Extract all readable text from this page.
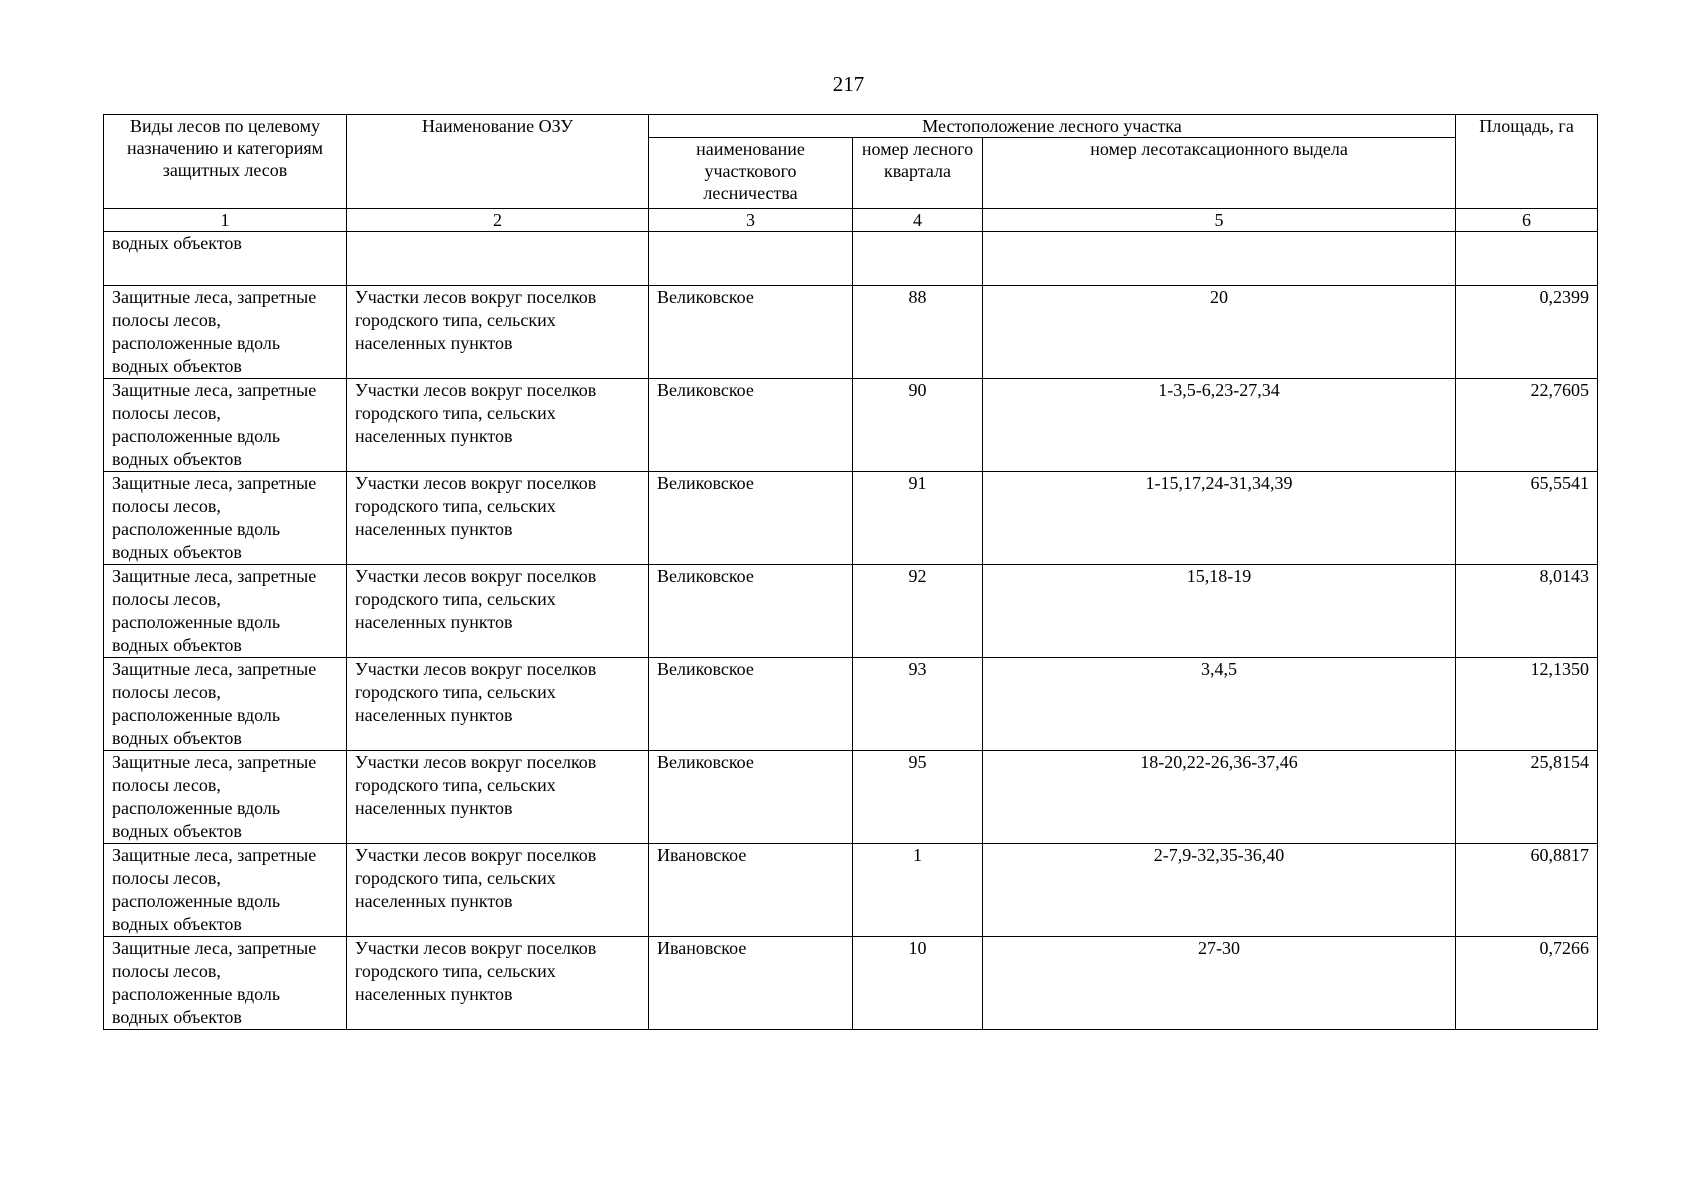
217
Виды лесов по целевому назначению и категориям защитных лесов	Наименование ОЗУ	Местоположение лесного участка			Площадь, га
		наименование участкового лесничества	номер лесного квартала	номер лесотаксационного выдела	
1	2	3	4	5	6
водных объектов					
Защитные леса, запретные полосы лесов, расположенные вдоль водных объектов	Участки лесов вокруг поселков городского типа, сельских населенных пунктов	Великовское	88	20	0,2399
Защитные леса, запретные полосы лесов, расположенные вдоль водных объектов	Участки лесов вокруг поселков городского типа, сельских населенных пунктов	Великовское	90	1-3,5-6,23-27,34	22,7605
Защитные леса, запретные полосы лесов, расположенные вдоль водных объектов	Участки лесов вокруг поселков городского типа, сельских населенных пунктов	Великовское	91	1-15,17,24-31,34,39	65,5541
Защитные леса, запретные полосы лесов, расположенные вдоль водных объектов	Участки лесов вокруг поселков городского типа, сельских населенных пунктов	Великовское	92	15,18-19	8,0143
Защитные леса, запретные полосы лесов, расположенные вдоль водных объектов	Участки лесов вокруг поселков городского типа, сельских населенных пунктов	Великовское	93	3,4,5	12,1350
Защитные леса, запретные полосы лесов, расположенные вдоль водных объектов	Участки лесов вокруг поселков городского типа, сельских населенных пунктов	Великовское	95	18-20,22-26,36-37,46	25,8154
Защитные леса, запретные полосы лесов, расположенные вдоль водных объектов	Участки лесов вокруг поселков городского типа, сельских населенных пунктов	Ивановское	1	2-7,9-32,35-36,40	60,8817
Защитные леса, запретные полосы лесов, расположенные вдоль водных объектов	Участки лесов вокруг поселков городского типа, сельских населенных пунктов	Ивановское	10	27-30	0,7266
